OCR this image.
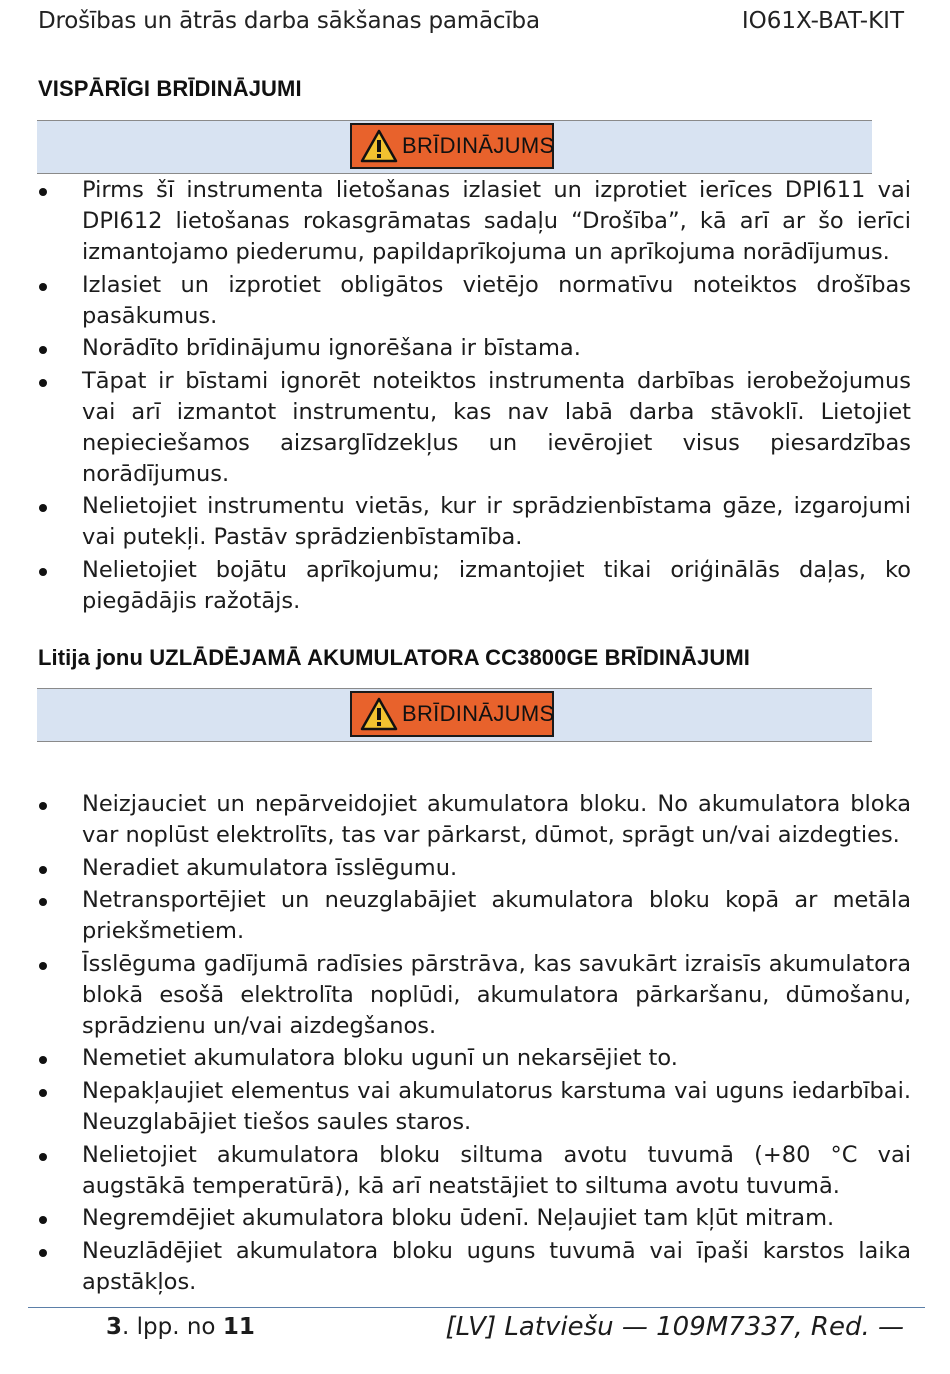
Drošības un ātrās darba sākšanas pamācība	IO61X-BAT-KIT
VISPĀRĪGI BRĪDINĀJUMI
BRĪDINĀJUMS
Pirms šī instrumenta lietošanas izlasiet un izprotiet ierīces DPI611 vai DPI612 lietošanas rokasgrāmatas sadaļu “Drošība”, kā arī ar šo ierīci izmantojamo piederumu, papildaprīkojuma un aprīkojuma norādījumus.
Izlasiet un izprotiet obligātos vietējo normatīvu noteiktos drošības pasākumus.
Norādīto brīdinājumu ignorēšana ir bīstama.
Tāpat ir bīstami ignorēt noteiktos instrumenta darbības ierobežojumus vai arī izmantot instrumentu, kas nav labā darba stāvoklī. Lietojiet nepieciešamos aizsarglīdzekļus un ievērojiet visus piesardzības norādījumus.
Nelietojiet instrumentu vietās, kur ir sprādzienbīstama gāze, izgarojumi vai putekļi. Pastāv sprādzienbīstamība.
Nelietojiet bojātu aprīkojumu; izmantojiet tikai oriģinālās daļas, ko piegādājis ražotājs.
Litija jonu UZLĀDĒJAMĀ AKUMULATORA CC3800GE BRĪDINĀJUMI
BRĪDINĀJUMS
Neizjauciet un nepārveidojiet akumulatora bloku. No akumulatora bloka var noplūst elektrolīts, tas var pārkarst, dūmot, sprāgt un/vai aizdegties.
Neradiet akumulatora īsslēgumu.
Netransportējiet un neuzglabājiet akumulatora bloku kopā ar metāla priekšmetiem.
Īsslēguma gadījumā radīsies pārstrāva, kas savukārt izraisīs akumulatora blokā esošā elektrolīta noplūdi, akumulatora pārkaršanu, dūmošanu, sprādzienu un/vai aizdegšanos.
Nemetiet akumulatora bloku ugunī un nekarsējiet to.
Nepakļaujiet elementus vai akumulatorus karstuma vai uguns iedarbībai. Neuzglabājiet tiešos saules staros.
Nelietojiet akumulatora bloku siltuma avotu tuvumā (+80 °C vai augstākā temperatūrā), kā arī neatstājiet to siltuma avotu tuvumā.
Negremdējiet akumulatora bloku ūdenī. Neļaujiet tam kļūt mitram.
Neuzlādējiet akumulatora bloku uguns tuvumā vai īpaši karstos laika apstākļos.
3. lpp. no 11	[LV] Latviešu — 109M7337, Red. —
